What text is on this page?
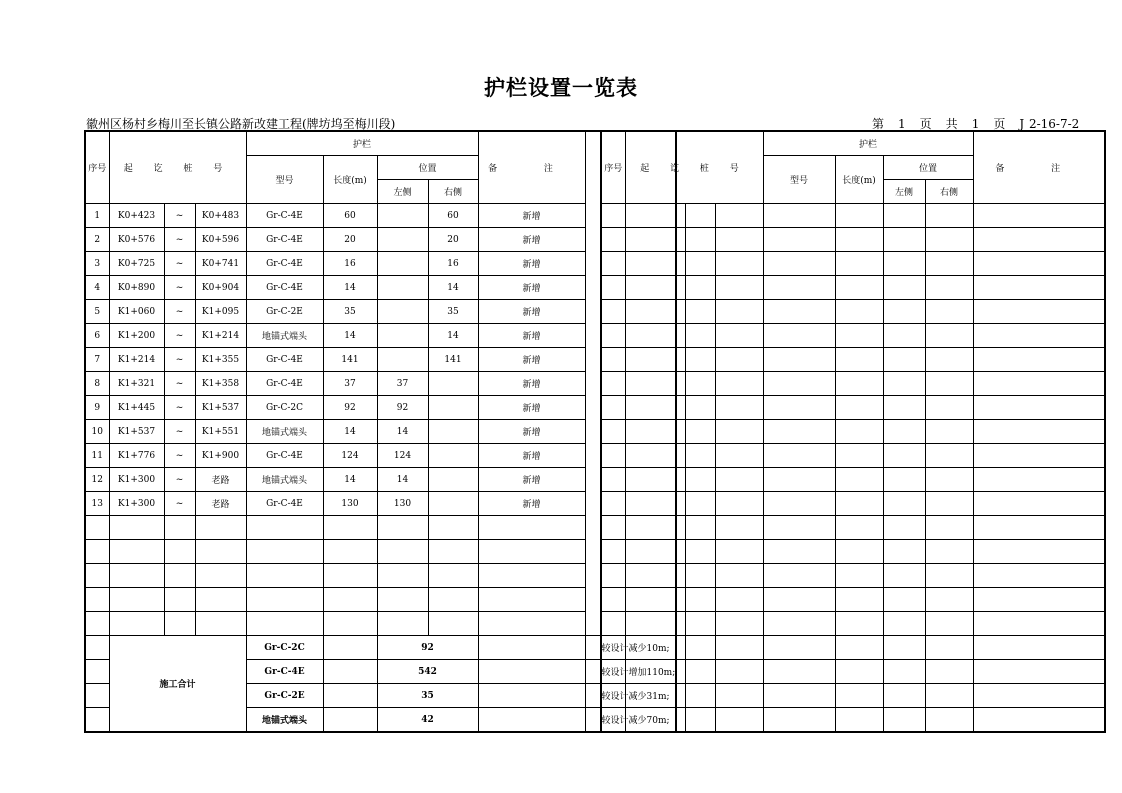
护栏设置一览表
徽州区杨村乡梅川至长镇公路新改建工程(牌坊坞至梅川段)	第 1 页 共 1 页 J 2-16-7-2
序号	起 讫 桩 号			护栏				备 注	
				型号	长度(m)	位置			
						左侧	右侧		
1	K0+423	~	K0+483	Gr-C-4E	60		60	新增	
2	K0+576	~	K0+596	Gr-C-4E	20		20	新增	
3	K0+725	~	K0+741	Gr-C-4E	16		16	新增	
4	K0+890	~	K0+904	Gr-C-4E	14		14	新增	
5	K1+060	~	K1+095	Gr-C-2E	35		35	新增	
6	K1+200	~	K1+214	地锚式端头	14		14	新增	
7	K1+214	~	K1+355	Gr-C-4E	141		141	新增	
8	K1+321	~	K1+358	Gr-C-4E	37	37		新增	
9	K1+445	~	K1+537	Gr-C-2C	92	92		新增	
10	K1+537	~	K1+551	地锚式端头	14	14		新增	
11	K1+776	~	K1+900	Gr-C-4E	124	124		新增	
12	K1+300	~	老路	地锚式端头	14	14		新增	
13	K1+300	~	老路	Gr-C-4E	130	130		新增	

	施工合计			Gr-C-2C		92			较设计减少10m;
				Gr-C-4E		542			较设计增加110m;
				Gr-C-2E		35			较设计减少31m;
				地锚式端头		42			较设计减少70m;
序号	起 讫 桩 号			护栏				备 注
				型号	长度(m)	位置		
						左侧	右侧	
